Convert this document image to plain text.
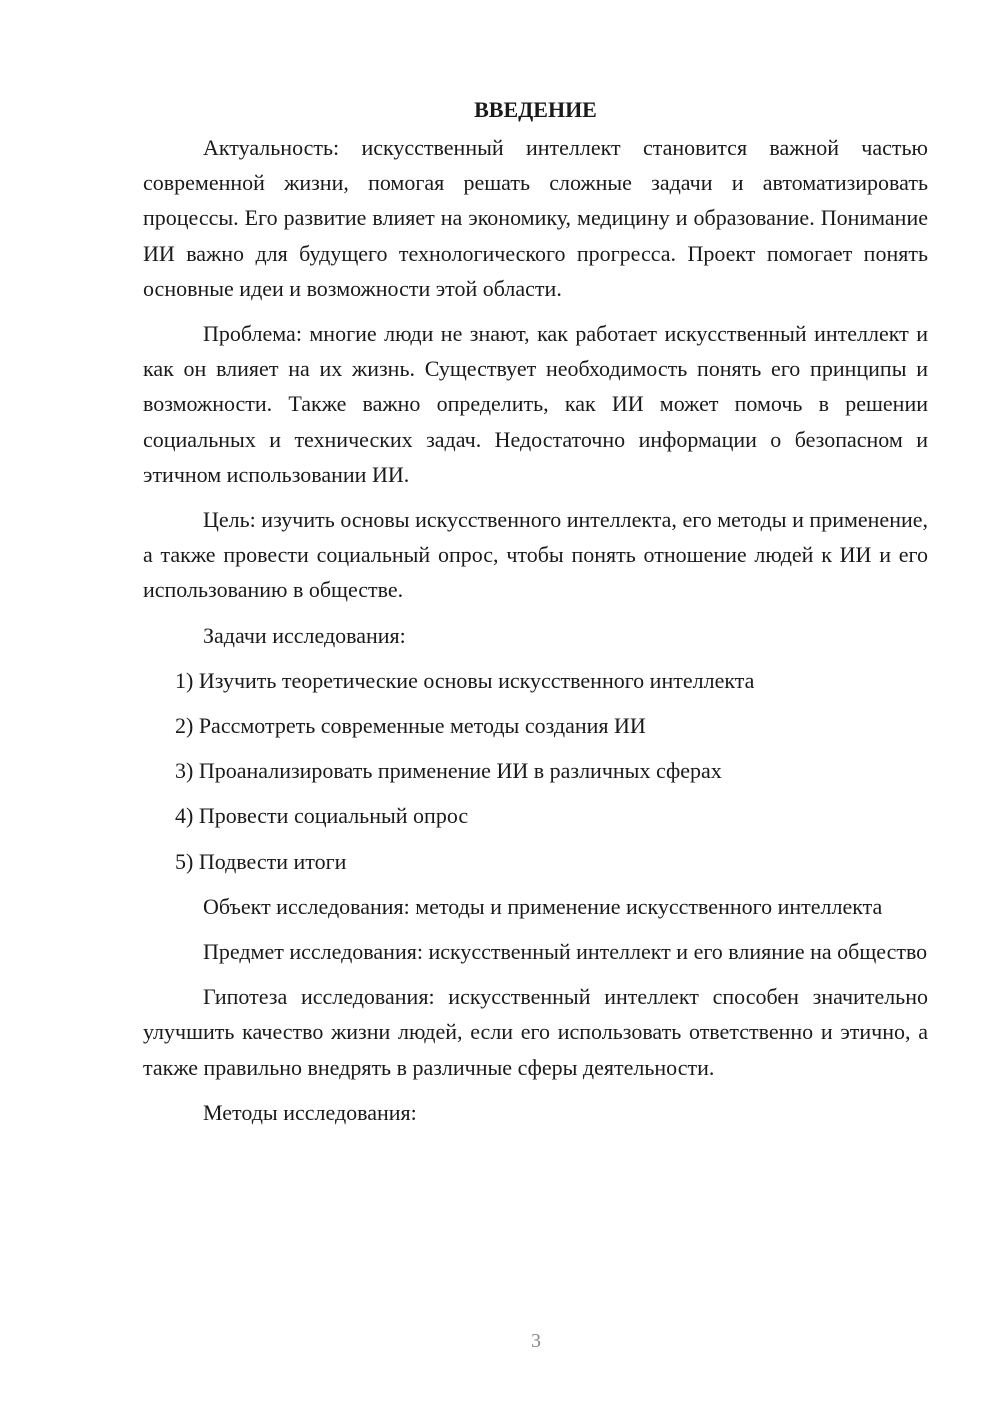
ВВЕДЕНИЕ

Актуальность: искусственный интеллект становится важной частью современной жизни, помогая решать сложные задачи и автоматизировать процессы. Его развитие влияет на экономику, медицину и образование. Понимание ИИ важно для будущего технологического прогресса. Проект помогает понять основные идеи и возможности этой области.

Проблема: многие люди не знают, как работает искусственный интеллект и как он влияет на их жизнь. Существует необходимость понять его принципы и возможности. Также важно определить, как ИИ может помочь в решении социальных и технических задач. Недостаточно информации о безопасном и этичном использовании ИИ.

Цель: изучить основы искусственного интеллекта, его методы и применение, а также провести социальный опрос, чтобы понять отношение людей к ИИ и его использованию в обществе.

Задачи исследования:

1) Изучить теоретические основы искусственного интеллекта
2) Рассмотреть современные методы создания ИИ
3) Проанализировать применение ИИ в различных сферах
4) Провести социальный опрос
5) Подвести итоги

Объект исследования: методы и применение искусственного интеллекта

Предмет исследования: искусственный интеллект и его влияние на общество

Гипотеза исследования: искусственный интеллект способен значительно улучшить качество жизни людей, если его использовать ответственно и этично, а также правильно внедрять в различные сферы деятельности.

Методы исследования:

3
